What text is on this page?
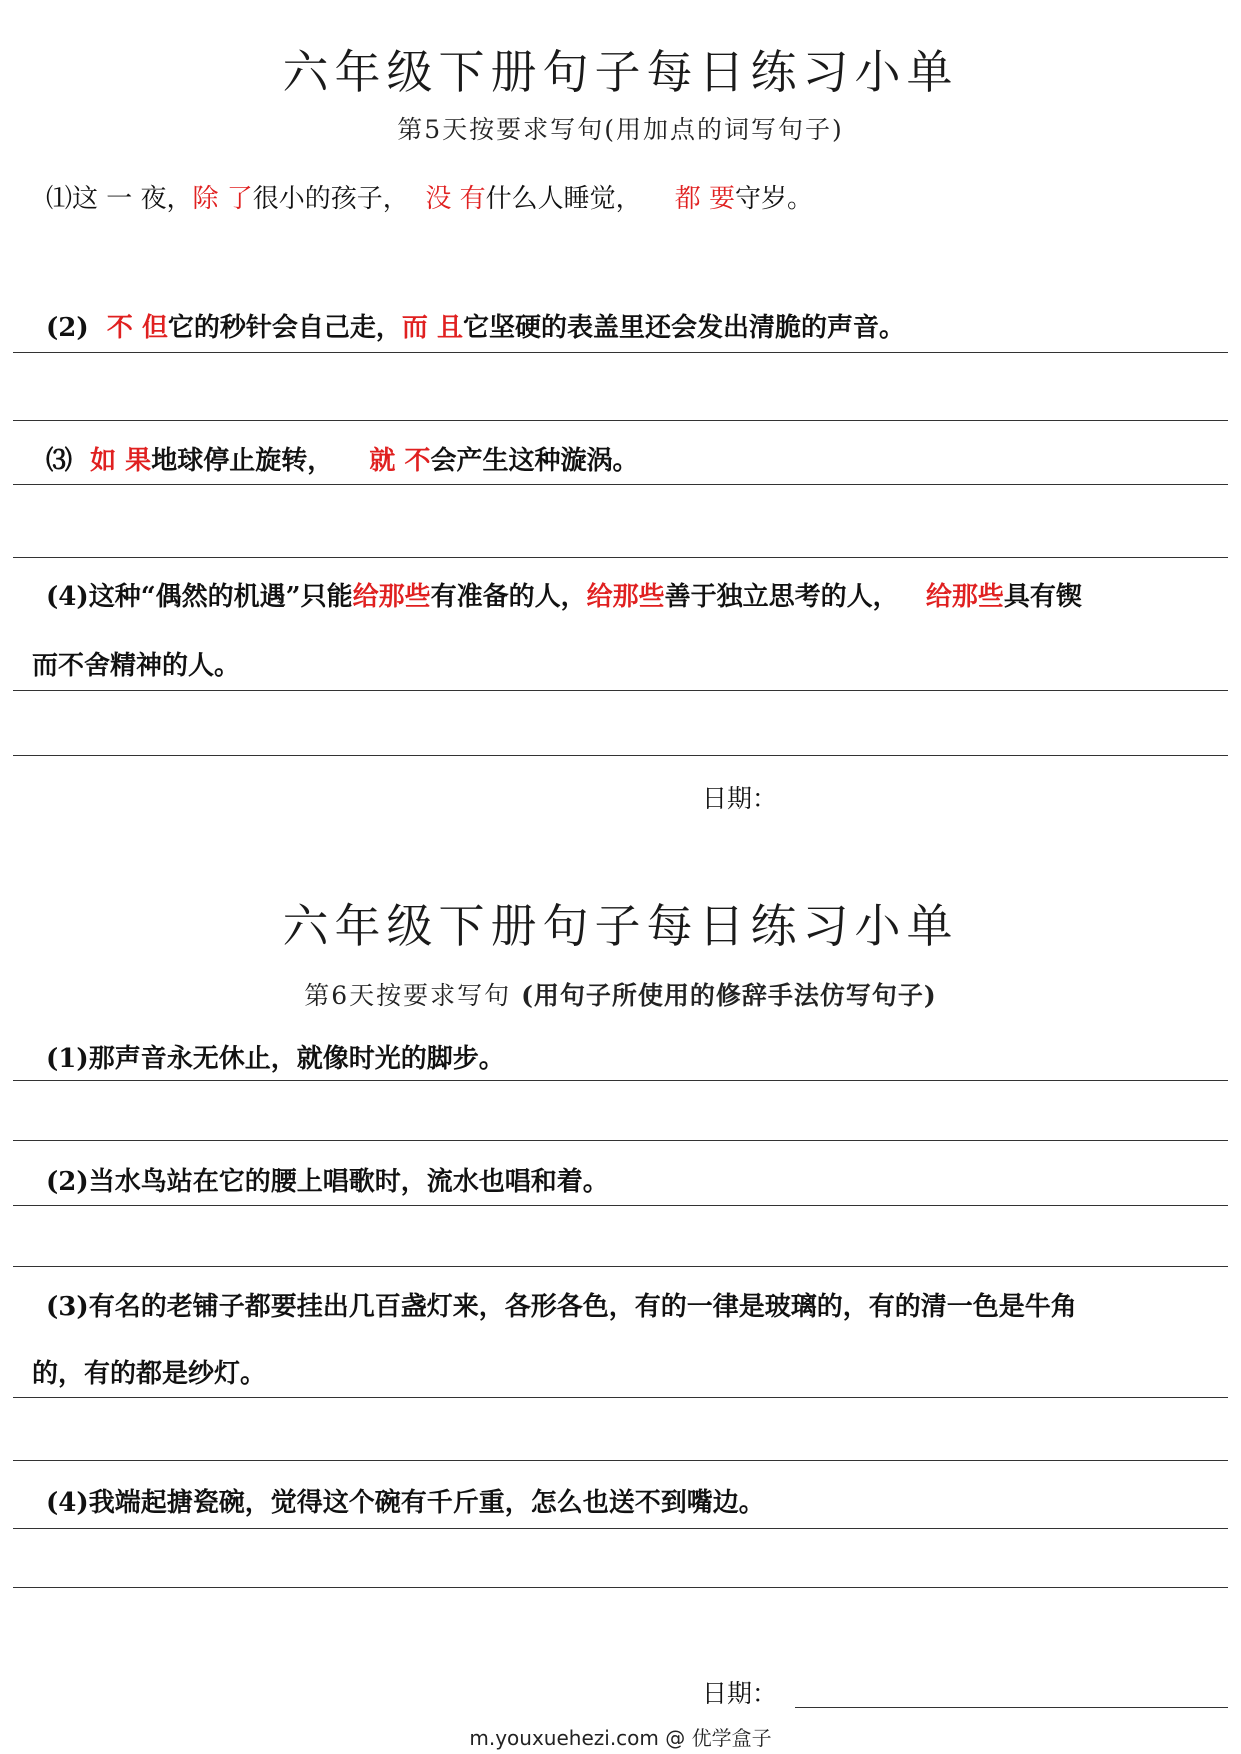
六年级下册句子每日练习小单
第5天按要求写句(用加点的词写句子)
⑴这 一 夜，除 了很小的孩子， 没 有什么人睡觉， 都 要守岁。
(2)  不 但它的秒针会自己走，而 且它坚硬的表盖里还会发出清脆的声音。
⑶  如 果地球停止旋转， 就 不会产生这种漩涡。
(4)这种“偶然的机遇”只能给那些有准备的人，给那些善于独立思考的人， 给那些具有锲
而不舍精神的人。
日期：
六年级下册句子每日练习小单
第6天按要求写句 (用句子所使用的修辞手法仿写句子)
(1)那声音永无休止，就像时光的脚步。
(2)当水鸟站在它的腰上唱歌时，流水也唱和着。
(3)有名的老铺子都要挂出几百盏灯来，各形各色，有的一律是玻璃的，有的清一色是牛角
的，有的都是纱灯。
(4)我端起搪瓷碗，觉得这个碗有千斤重，怎么也送不到嘴边。
日期：
m.youxuehezi.com @ 优学盒子
